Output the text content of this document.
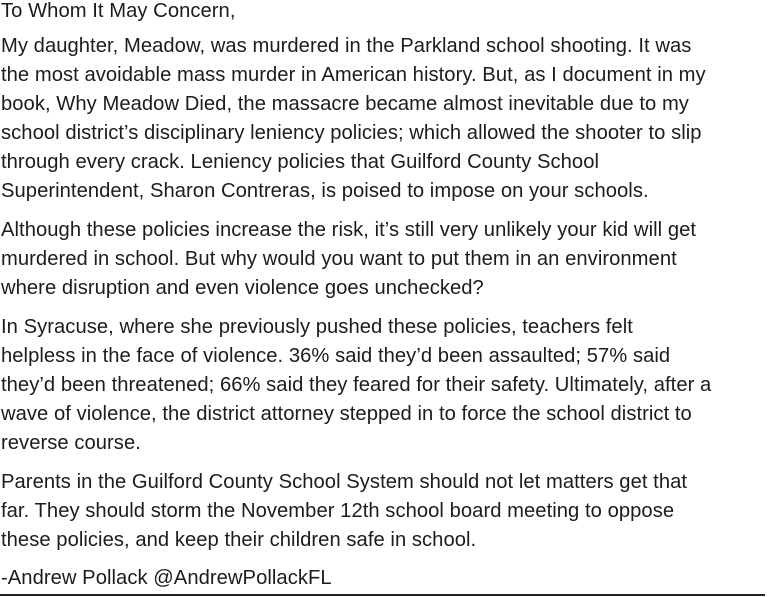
To Whom It May Concern,
My daughter, Meadow, was murdered in the Parkland school shooting. It was
the most avoidable mass murder in American history. But, as I document in my
book, Why Meadow Died, the massacre became almost inevitable due to my
school district’s disciplinary leniency policies; which allowed the shooter to slip
through every crack. Leniency policies that Guilford County School
Superintendent, Sharon Contreras, is poised to impose on your schools.
Although these policies increase the risk, it’s still very unlikely your kid will get
murdered in school. But why would you want to put them in an environment
where disruption and even violence goes unchecked?
In Syracuse, where she previously pushed these policies, teachers felt
helpless in the face of violence. 36% said they’d been assaulted; 57% said
they’d been threatened; 66% said they feared for their safety. Ultimately, after a
wave of violence, the district attorney stepped in to force the school district to
reverse course.
Parents in the Guilford County School System should not let matters get that
far. They should storm the November 12th school board meeting to oppose
these policies, and keep their children safe in school.
-Andrew Pollack @AndrewPollackFL
